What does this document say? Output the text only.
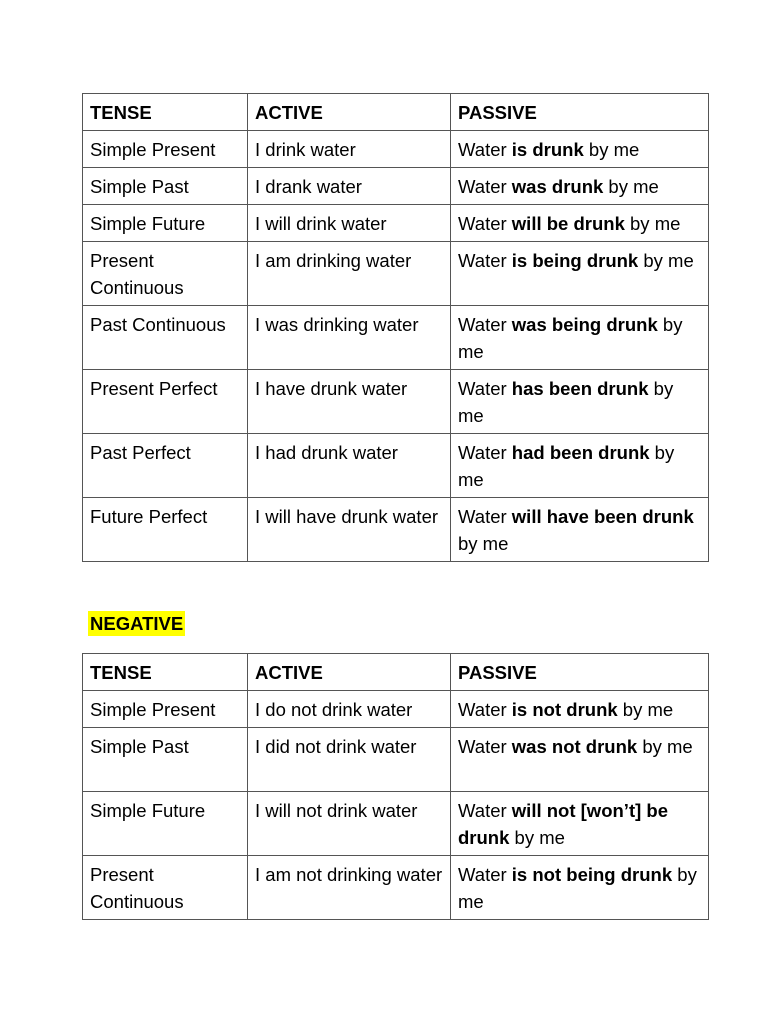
TENSE	ACTIVE	PASSIVE
Simple Present	I drink water	Water is drunk by me
Simple Past	I drank water	Water was drunk by me
Simple Future	I will drink water	Water will be drunk by me
Present Continuous	I am drinking water	Water is being drunk by me
Past Continuous	I was drinking water	Water was being drunk by me
Present Perfect	I have drunk water	Water has been drunk by me
Past Perfect	I had drunk water	Water had been drunk by me
Future Perfect	I will have drunk water	Water will have been drunk by me

NEGATIVE

TENSE	ACTIVE	PASSIVE
Simple Present	I do not drink water	Water is not drunk by me
Simple Past	I did not drink water	Water was not drunk by me
Simple Future	I will not drink water	Water will not [won’t] be drunk by me
Present Continuous	I am not drinking water	Water is not being drunk by me
